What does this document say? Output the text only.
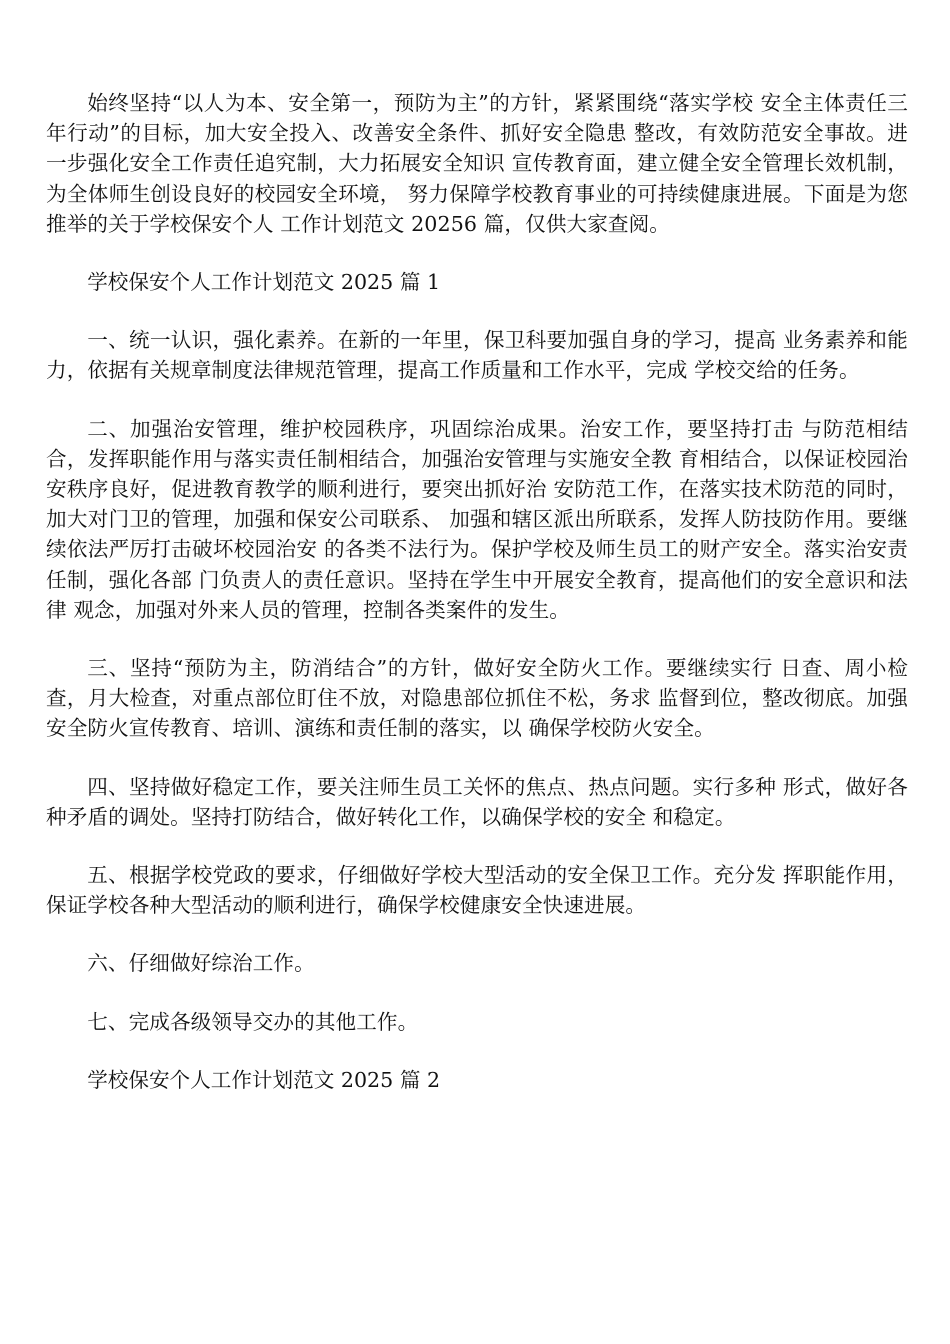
始终坚持“以人为本、安全第一，预防为主”的方针，紧紧围绕“落实学校 安全主体责任三年行动”的目标，加大安全投入、改善安全条件、抓好安全隐患 整改，有效防范安全事故。进一步强化安全工作责任追究制，大力拓展安全知识 宣传教育面，建立健全安全管理长效机制，为全体师生创设良好的校园安全环境， 努力保障学校教育事业的可持续健康进展。下面是为您推举的关于学校保安个人 工作计划范文 20256 篇，仅供大家查阅。

学校保安个人工作计划范文 2025 篇 1

一、统一认识，强化素养。在新的一年里，保卫科要加强自身的学习，提高 业务素养和能力，依据有关规章制度法律规范管理，提高工作质量和工作水平，完成 学校交给的任务。

二、加强治安管理，维护校园秩序，巩固综治成果。治安工作，要坚持打击 与防范相结合，发挥职能作用与落实责任制相结合，加强治安管理与实施安全教 育相结合，以保证校园治安秩序良好，促进教育教学的顺利进行，要突出抓好治 安防范工作，在落实技术防范的同时，加大对门卫的管理，加强和保安公司联系、 加强和辖区派出所联系，发挥人防技防作用。要继续依法严厉打击破坏校园治安 的各类不法行为。保护学校及师生员工的财产安全。落实治安责任制，强化各部 门负责人的责任意识。坚持在学生中开展安全教育，提高他们的安全意识和法律 观念，加强对外来人员的管理，控制各类案件的发生。

三、坚持“预防为主，防消结合”的方针，做好安全防火工作。要继续实行 日查、周小检查，月大检查，对重点部位盯住不放，对隐患部位抓住不松，务求 监督到位，整改彻底。加强安全防火宣传教育、培训、演练和责任制的落实，以 确保学校防火安全。

四、坚持做好稳定工作，要关注师生员工关怀的焦点、热点问题。实行多种 形式，做好各种矛盾的调处。坚持打防结合，做好转化工作，以确保学校的安全 和稳定。

五、根据学校党政的要求，仔细做好学校大型活动的安全保卫工作。充分发 挥职能作用，保证学校各种大型活动的顺利进行，确保学校健康安全快速进展。

六、仔细做好综治工作。

七、完成各级领导交办的其他工作。

学校保安个人工作计划范文 2025 篇 2
